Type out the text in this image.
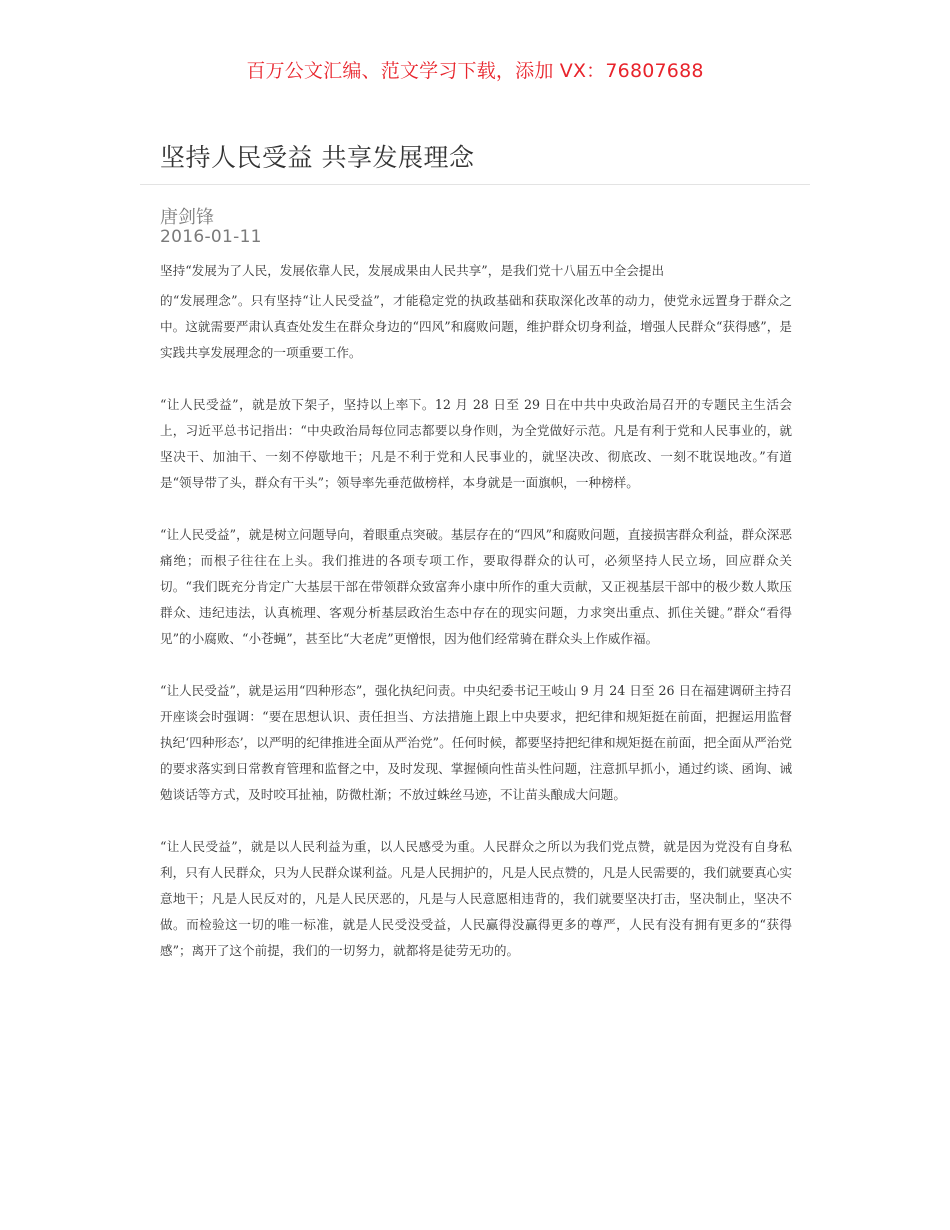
百万公文汇编、范文学习下载，添加 VX：76807688
坚持人民受益 共享发展理念
唐剑锋
2016-01-11

坚持“发展为了人民，发展依靠人民，发展成果由人民共享”，是我们党十八届五中全会提出

的“发展理念”。只有坚持“让人民受益”，才能稳定党的执政基础和获取深化改革的动力，使党永远置身于群众之中。这就需要严肃认真查处发生在群众身边的“四风”和腐败问题，维护群众切身利益，增强人民群众“获得感”，是实践共享发展理念的一项重要工作。

“让人民受益”，就是放下架子，坚持以上率下。12 月 28 日至 29 日在中共中央政治局召开的专题民主生活会上，习近平总书记指出：“中央政治局每位同志都要以身作则，为全党做好示范。凡是有利于党和人民事业的，就坚决干、加油干、一刻不停歇地干；凡是不利于党和人民事业的，就坚决改、彻底改、一刻不耽误地改。”有道是“领导带了头，群众有干头”；领导率先垂范做榜样，本身就是一面旗帜，一种榜样。

“让人民受益”，就是树立问题导向，着眼重点突破。基层存在的“四风”和腐败问题，直接损害群众利益，群众深恶痛绝；而根子往往在上头。我们推进的各项专项工作，要取得群众的认可，必须坚持人民立场，回应群众关切。“我们既充分肯定广大基层干部在带领群众致富奔小康中所作的重大贡献，又正视基层干部中的极少数人欺压群众、违纪违法，认真梳理、客观分析基层政治生态中存在的现实问题，力求突出重点、抓住关键。”群众“看得见”的小腐败、“小苍蝇”，甚至比“大老虎”更憎恨，因为他们经常骑在群众头上作威作福。

“让人民受益”，就是运用“四种形态”，强化执纪问责。中央纪委书记王岐山 9 月 24 日至 26 日在福建调研主持召开座谈会时强调：“要在思想认识、责任担当、方法措施上跟上中央要求，把纪律和规矩挺在前面，把握运用监督执纪‘四种形态’，以严明的纪律推进全面从严治党”。任何时候，都要坚持把纪律和规矩挺在前面，把全面从严治党的要求落实到日常教育管理和监督之中，及时发现、掌握倾向性苗头性问题，注意抓早抓小，通过约谈、函询、诫勉谈话等方式，及时咬耳扯袖，防微杜渐；不放过蛛丝马迹，不让苗头酿成大问题。

“让人民受益”，就是以人民利益为重，以人民感受为重。人民群众之所以为我们党点赞，就是因为党没有自身私利，只有人民群众，只为人民群众谋利益。凡是人民拥护的，凡是人民点赞的，凡是人民需要的，我们就要真心实意地干；凡是人民反对的，凡是人民厌恶的，凡是与人民意愿相违背的，我们就要坚决打击，坚决制止，坚决不做。而检验这一切的唯一标准，就是人民受没受益，人民赢得没赢得更多的尊严，人民有没有拥有更多的“获得感”；离开了这个前提，我们的一切努力，就都将是徒劳无功的。
